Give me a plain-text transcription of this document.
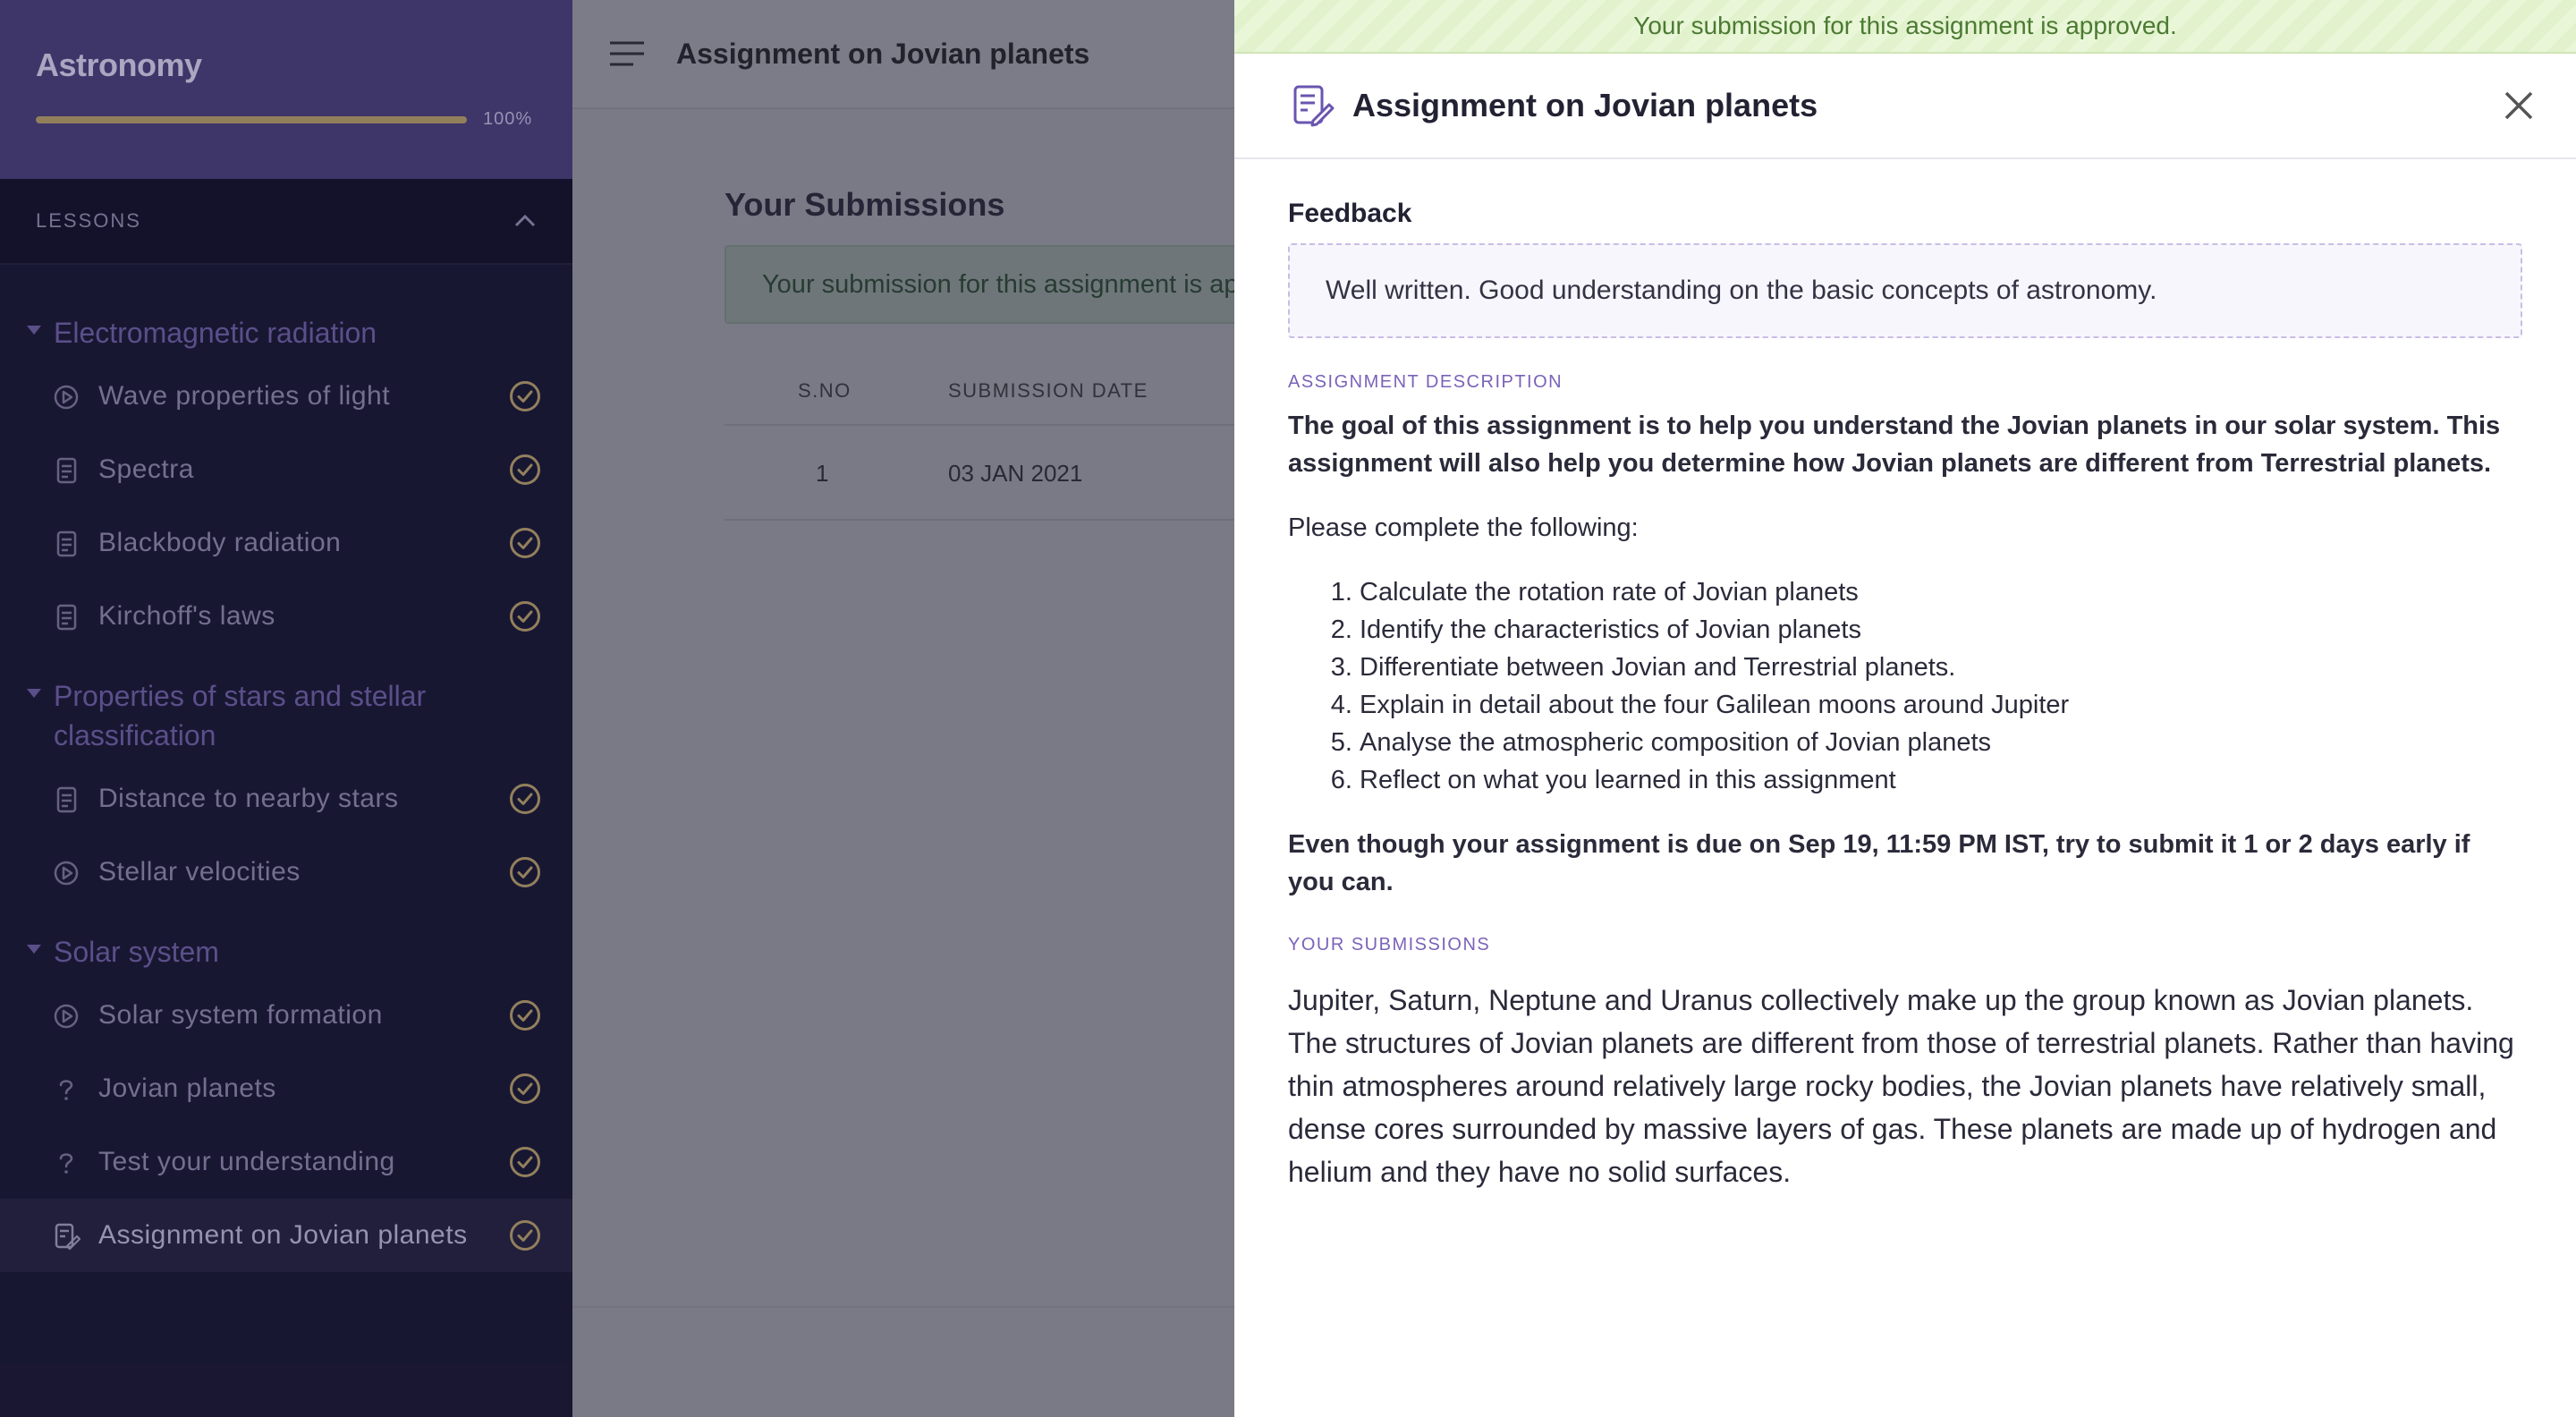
Astronomy
100%
LESSONS
Electromagnetic radiation
Wave properties of light
Spectra
Blackbody radiation
Kirchoff's laws
Properties of stars and stellar classification
Distance to nearby stars
Stellar velocities
Solar system
Solar system formation
Jovian planets
Test your understanding
Assignment on Jovian planets
Your submission for this assignment is approved.
Assignment on Jovian planets
Feedback
Well written. Good understanding on the basic concepts of astronomy.
ASSIGNMENT DESCRIPTION
The goal of this assignment is to help you understand the Jovian planets in our solar system. This assignment will also help you determine how Jovian planets are different from Terrestrial planets.
Please complete the following:
1. Calculate the rotation rate of Jovian planets
2. Identify the characteristics of Jovian planets
3. Differentiate between Jovian and Terrestrial planets.
4. Explain in detail about the four Galilean moons around Jupiter
5. Analyse the atmospheric composition of Jovian planets
6. Reflect on what you learned in this assignment
Even though your assignment is due on Sep 19, 11:59 PM IST, try to submit it 1 or 2 days early if you can.
YOUR SUBMISSIONS
Jupiter, Saturn, Neptune and Uranus collectively make up the group known as Jovian planets. The structures of Jovian planets are different from those of terrestrial planets. Rather than having thin atmospheres around relatively large rocky bodies, the Jovian planets have relatively small, dense cores surrounded by massive layers of gas. These planets are made up of hydrogen and helium and they have no solid surfaces.
